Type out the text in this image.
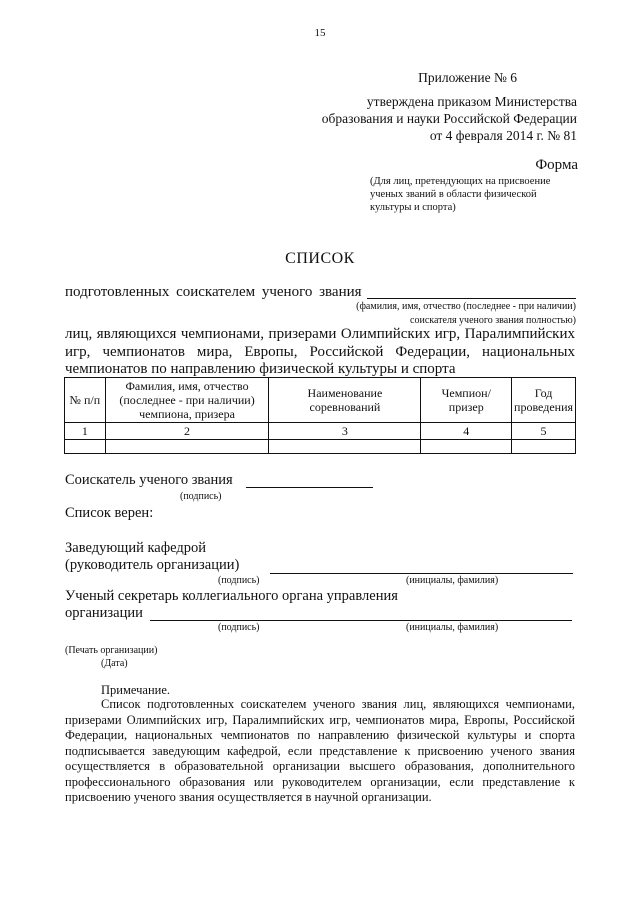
15
Приложение № 6
утверждена приказом Министерства
образования и науки Российской Федерации
от 4 февраля 2014 г. № 81
Форма
(Для лиц, претендующих на присвоение ученых званий в области физической культуры и спорта)
СПИСОК
подготовленных соискателем ученого звания
(фамилия, имя, отчество (последнее - при наличии)
соискателя ученого звания полностью)
лиц, являющихся чемпионами, призерами Олимпийских игр, Паралимпийских игр, чемпионатов мира, Европы, Российской Федерации, национальных чемпионатов по направлению физической культуры и спорта
№ п/п	Фамилия, имя, отчество (последнее - при наличии) чемпиона, призера	Наименование соревнований	Чемпион/ призер	Год проведения
1	2	3	4	5

Соискатель ученого звания
(подпись)
Список верен:
Заведующий кафедрой
(руководитель организации)
(подпись)	(инициалы, фамилия)
Ученый секретарь коллегиального органа управления
организации
(подпись)	(инициалы, фамилия)
(Печать организации)
(Дата)
Примечание.
Список подготовленных соискателем ученого звания лиц, являющихся чемпионами, призерами Олимпийских игр, Паралимпийских игр, чемпионатов мира, Европы, Российской Федерации, национальных чемпионатов по направлению физической культуры и спорта подписывается заведующим кафедрой, если представление к присвоению ученого звания осуществляется в образовательной организации высшего образования, дополнительного профессионального образования или руководителем организации, если представление к присвоению ученого звания осуществляется в научной организации.
